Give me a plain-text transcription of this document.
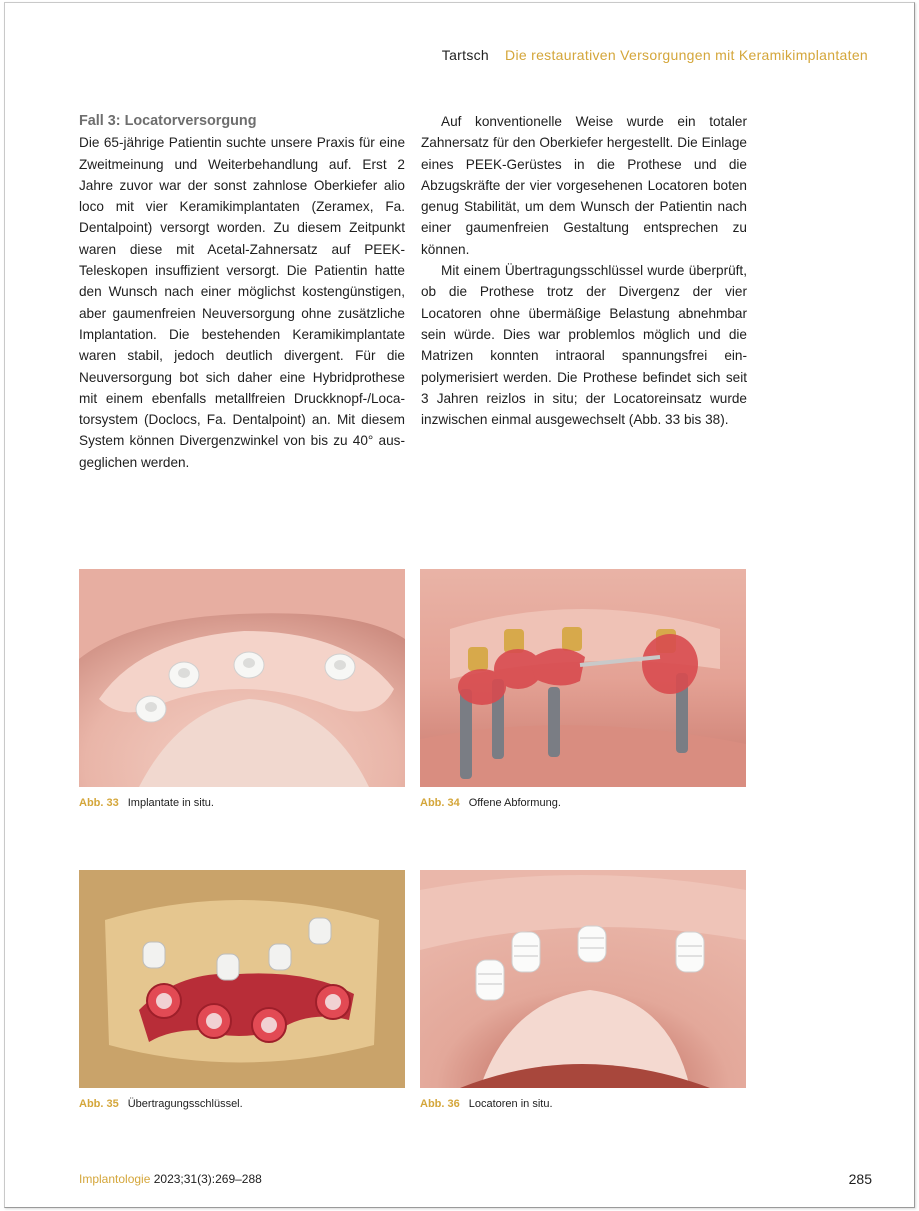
Tartsch Die restaurativen Versorgungen mit Keramikimplantaten
Fall 3: Locatorversorgung

Die 65-jährige Patientin suchte unsere Praxis für eine Zweitmeinung und Weiterbehandlung auf. Erst 2 Jahre zuvor war der sonst zahnlose Oberkiefer alio loco mit vier Keramikimplantaten (Zeramex, Fa. Dentalpoint) versorgt worden. Zu diesem Zeitpunkt waren diese mit Acetal-Zahnersatz auf PEEK-Teleskopen insuffizient versorgt. Die Patientin hatte den Wunsch nach einer möglichst kostengünstigen, aber gaumenfreien Neuversorgung ohne zusätzliche Implantation. Die bestehenden Keramikimplantate waren stabil, jedoch deutlich divergent. Für die Neuversorgung bot sich daher eine Hybridprothese mit einem ebenfalls metallfreien Druckknopf-/Locatorsystem (Doclocs, Fa. Dentalpoint) an. Mit diesem System können Divergenzwinkel von bis zu 40° ausgeglichen werden.

Auf konventionelle Weise wurde ein totaler Zahnersatz für den Oberkiefer hergestellt. Die Einlage eines PEEK-Gerüstes in die Prothese und die Abzugskräfte der vier vorgesehenen Locatoren boten genug Stabilität, um dem Wunsch der Patientin nach einer gaumenfreien Gestaltung entsprechen zu können.

Mit einem Übertragungsschlüssel wurde überprüft, ob die Prothese trotz der Divergenz der vier Locatoren ohne übermäßige Belastung abnehmbar sein würde. Dies war problemlos möglich und die Matrizen konnten intraoral spannungsfrei einpolymerisiert werden. Die Prothese befindet sich seit 3 Jahren reizlos in situ; der Locatoreinsatz wurde inzwischen einmal ausgewechselt (Abb. 33 bis 38).

Abb. 33 Implantate in situ.	Abb. 34 Offene Abformung.
Abb. 35 Übertragungsschlüssel.	Abb. 36 Locatoren in situ.
Implantologie 2023;31(3):269–288	285
